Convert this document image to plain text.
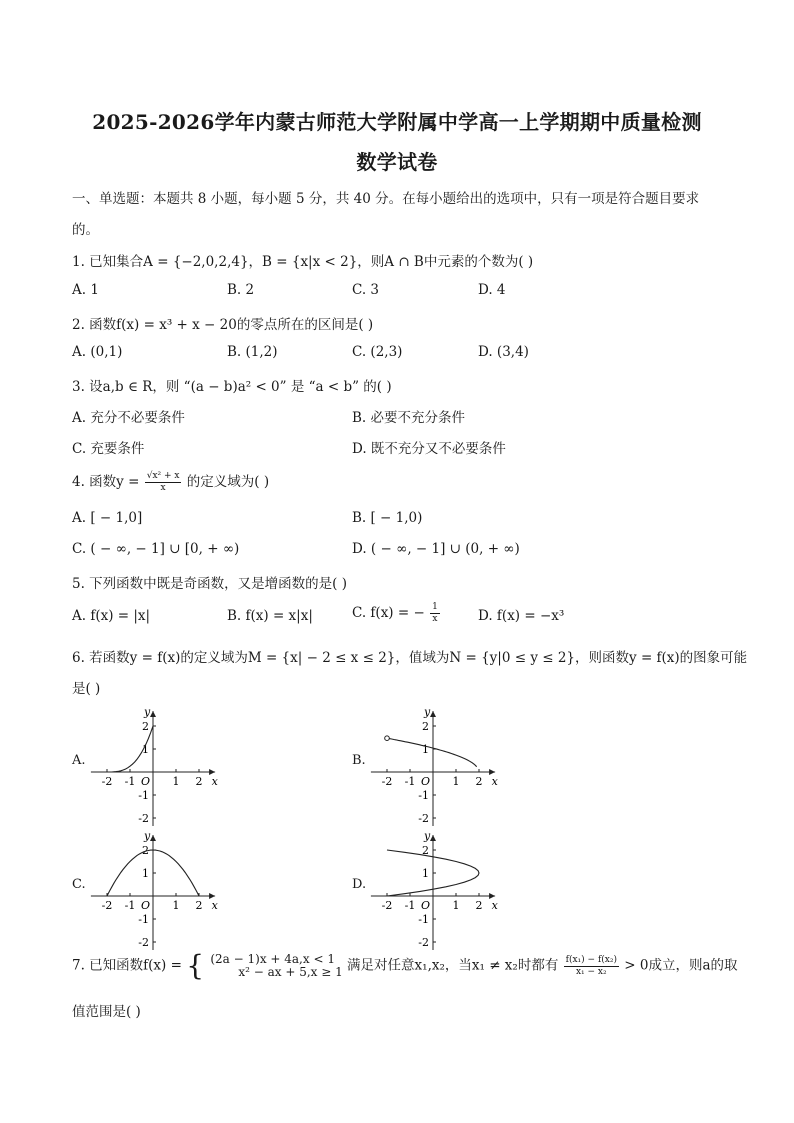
2025-2026学年内蒙古师范大学附属中学高一上学期期中质量检测
数学试卷
一、单选题：本题共 8 小题，每小题 5 分，共 40 分。在每小题给出的选项中，只有一项是符合题目要求
的。
1. 已知集合A = {−2,0,2,4}，B = {x|x < 2}，则A ∩ B中元素的个数为( )
A. 1	B. 2	C. 3	D. 4
2. 函数f(x) = x³ + x − 20的零点所在的区间是( )
A. (0,1)	B. (1,2)	C. (2,3)	D. (3,4)
3. 设a,b ∈ R，则 “(a − b)a² < 0” 是 “a < b” 的( )
A. 充分不必要条件	B. 必要不充分条件
C. 充要条件	D. 既不充分又不必要条件
4. 函数$y = \frac{\text{√x² + x}}{x}$ 的定义域为( )
A. [ − 1,0]	B. [ − 1,0)
C. ( − ∞, − 1] ∪ [0, + ∞)	D. ( − ∞, − 1] ∪ (0, + ∞)
5. 下列函数中既是奇函数，又是增函数的是( )
A. f(x) = |x|	B. f(x) = x|x|	C. f(x) = − $\frac{1}{x}$	D. f(x) = −x³
6. 若函数y = f(x)的定义域为M = {x| − 2 ≤ x ≤ 2}，值域为N = {y|0 ≤ y ≤ 2}，则函数y = f(x)的图象可能
是( )
A.	B.
C.	D.
-2 -1	1 2
2
1
-1
-2
O	x
y
-2 -1	1 2
2
1
-1
-2
O	x
y
-2 -1	1 2
2
1
-1
-2
O	x
y
-2 -1	1 2
2
1
-1
-2
O	x
y
7. 已知函数f(x) = { (2a − 1)x + 4a,x < 1
x² − ax + 5,x ≥ 1 满足对任意x₁,x₂，当x₁ ≠ x₂时都有 $\frac{\text{f(x₁) − f(x₂)}}{\text{x₁ − x₂}} > 0$成立，则a的取
值范围是( )
